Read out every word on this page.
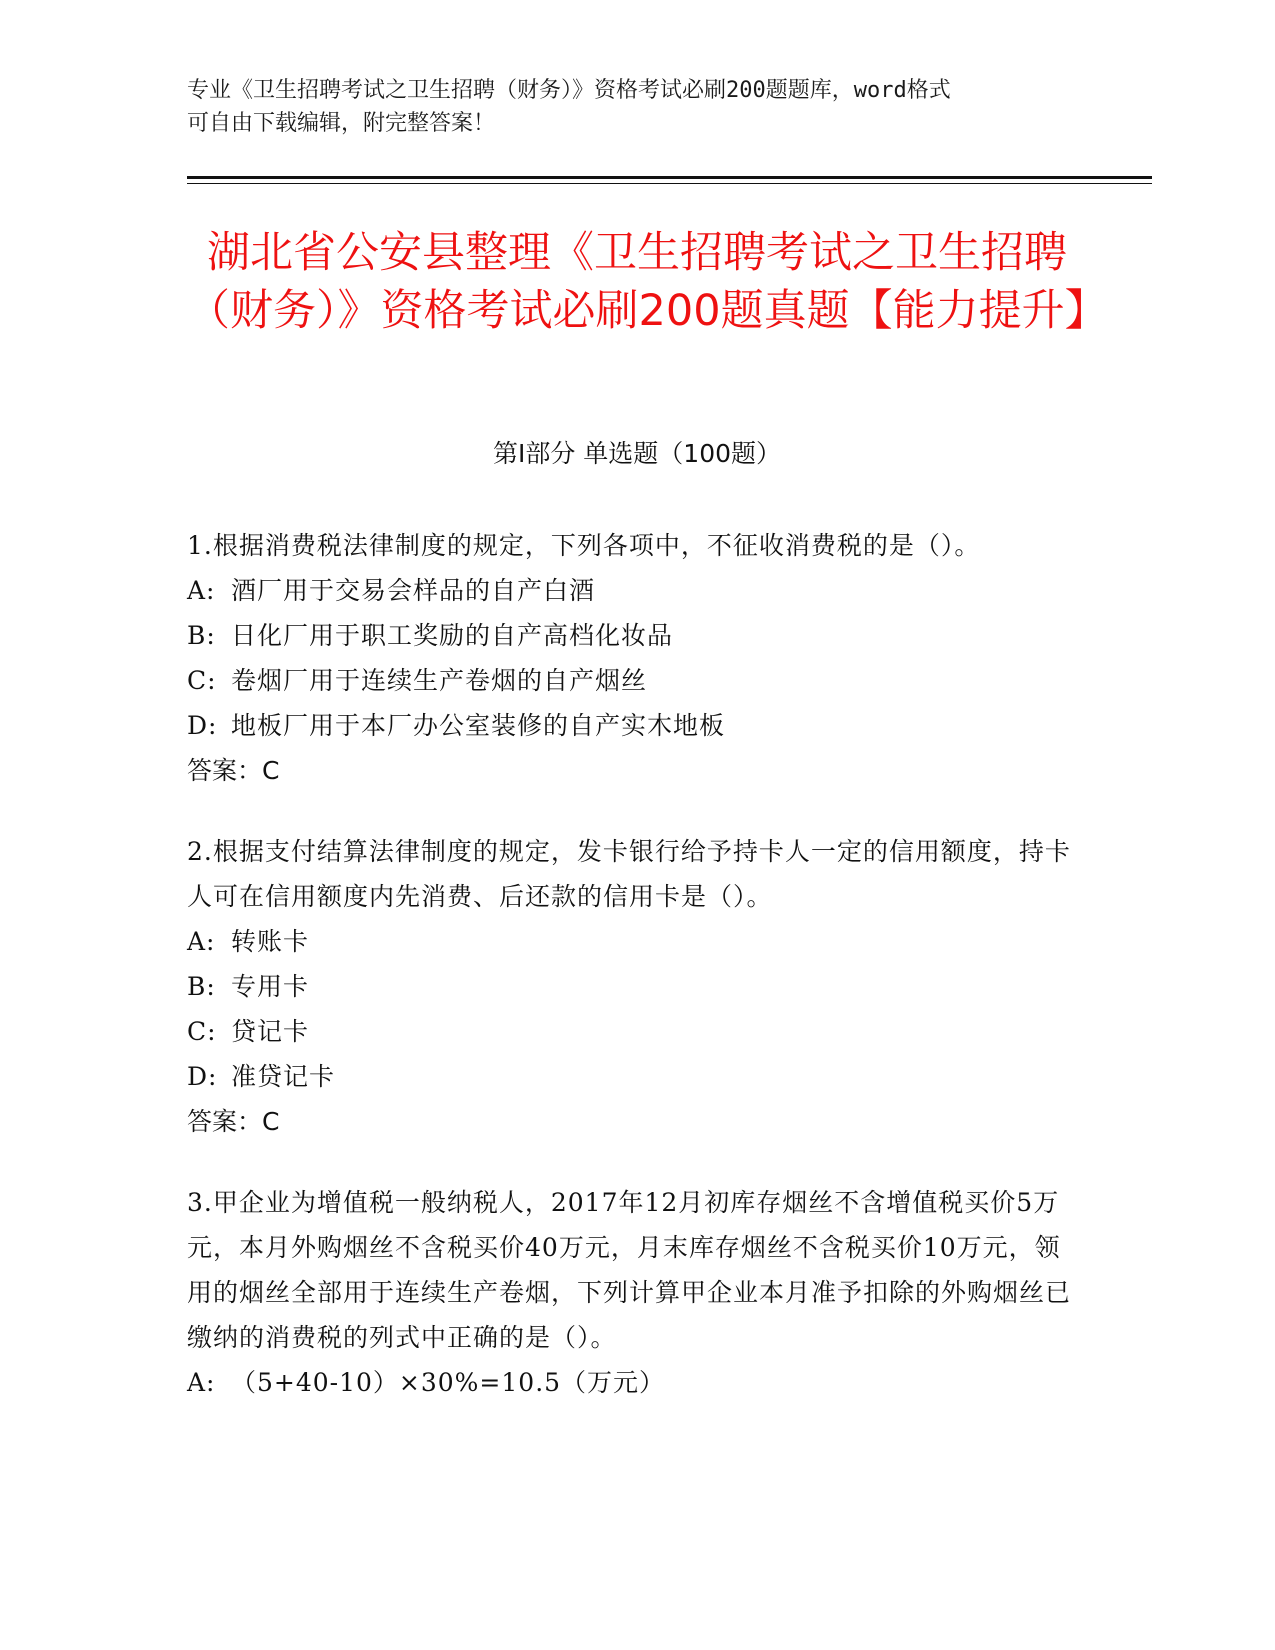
专业《卫生招聘考试之卫生招聘（财务）》资格考试必刷200题题库，word格式

可自由下载编辑，附完整答案！

湖北省公安县整理《卫生招聘考试之卫生招聘（财务）》资格考试必刷200题真题【能力提升】
第Ⅰ部分 单选题（100题）

1.根据消费税法律制度的规定，下列各项中，不征收消费税的是（）。

A: 酒厂用于交易会样品的自产白酒

B: 日化厂用于职工奖励的自产高档化妆品

C: 卷烟厂用于连续生产卷烟的自产烟丝

D: 地板厂用于本厂办公室装修的自产实木地板

答案：C

2.根据支付结算法律制度的规定，发卡银行给予持卡人一定的信用额度，持卡人可在信用额度内先消费、后还款的信用卡是（）。

A: 转账卡

B: 专用卡

C: 贷记卡

D: 准贷记卡

答案：C

3.甲企业为增值税一般纳税人，2017年12月初库存烟丝不含增值税买价5万元，本月外购烟丝不含税买价40万元，月末库存烟丝不含税买价10万元，领用的烟丝全部用于连续生产卷烟，下列计算甲企业本月准予扣除的外购烟丝已缴纳的消费税的列式中正确的是（）。

A: （5+40-10）×30%=10.5（万元）
